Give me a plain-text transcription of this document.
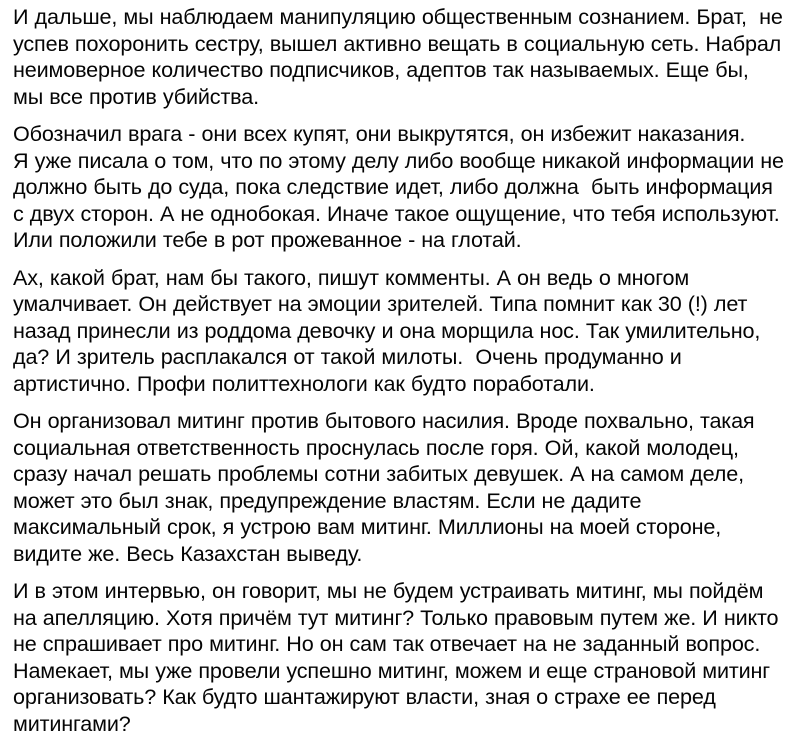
И дальше, мы наблюдаем манипуляцию общественным сознанием. Брат,  не
успев похоронить сестру, вышел активно вещать в социальную сеть. Набрал
неимоверное количество подписчиков, адептов так называемых. Еще бы,
мы все против убийства.

Обозначил врага - они всех купят, они выкрутятся, он избежит наказания.
Я уже писала о том, что по этому делу либо вообще никакой информации не
должно быть до суда, пока следствие идет, либо должна  быть информация
с двух сторон. А не однобокая. Иначе такое ощущение, что тебя используют.
Или положили тебе в рот прожеванное - на глотай.

Ах, какой брат, нам бы такого, пишут комменты. А он ведь о многом
умалчивает. Он действует на эмоции зрителей. Типа помнит как 30 (!) лет
назад принесли из роддома девочку и она морщила нос. Так умилительно,
да? И зритель расплакался от такой милоты.  Очень продуманно и
артистично. Профи политтехнологи как будто поработали.

Он организовал митинг против бытового насилия. Вроде похвально, такая
социальная ответственность проснулась после горя. Ой, какой молодец,
сразу начал решать проблемы сотни забитых девушек. А на самом деле,
может это был знак, предупреждение властям. Если не дадите
максимальный срок, я устрою вам митинг. Миллионы на моей стороне,
видите же. Весь Казахстан выведу.

И в этом интервью, он говорит, мы не будем устраивать митинг, мы пойдём
на апелляцию. Хотя причём тут митинг? Только правовым путем же. И никто
не спрашивает про митинг. Но он сам так отвечает на не заданный вопрос.
Намекает, мы уже провели успешно митинг, можем и еще страновой митинг
организовать? Как будто шантажируют власти, зная о страхе ее перед
митингами?
